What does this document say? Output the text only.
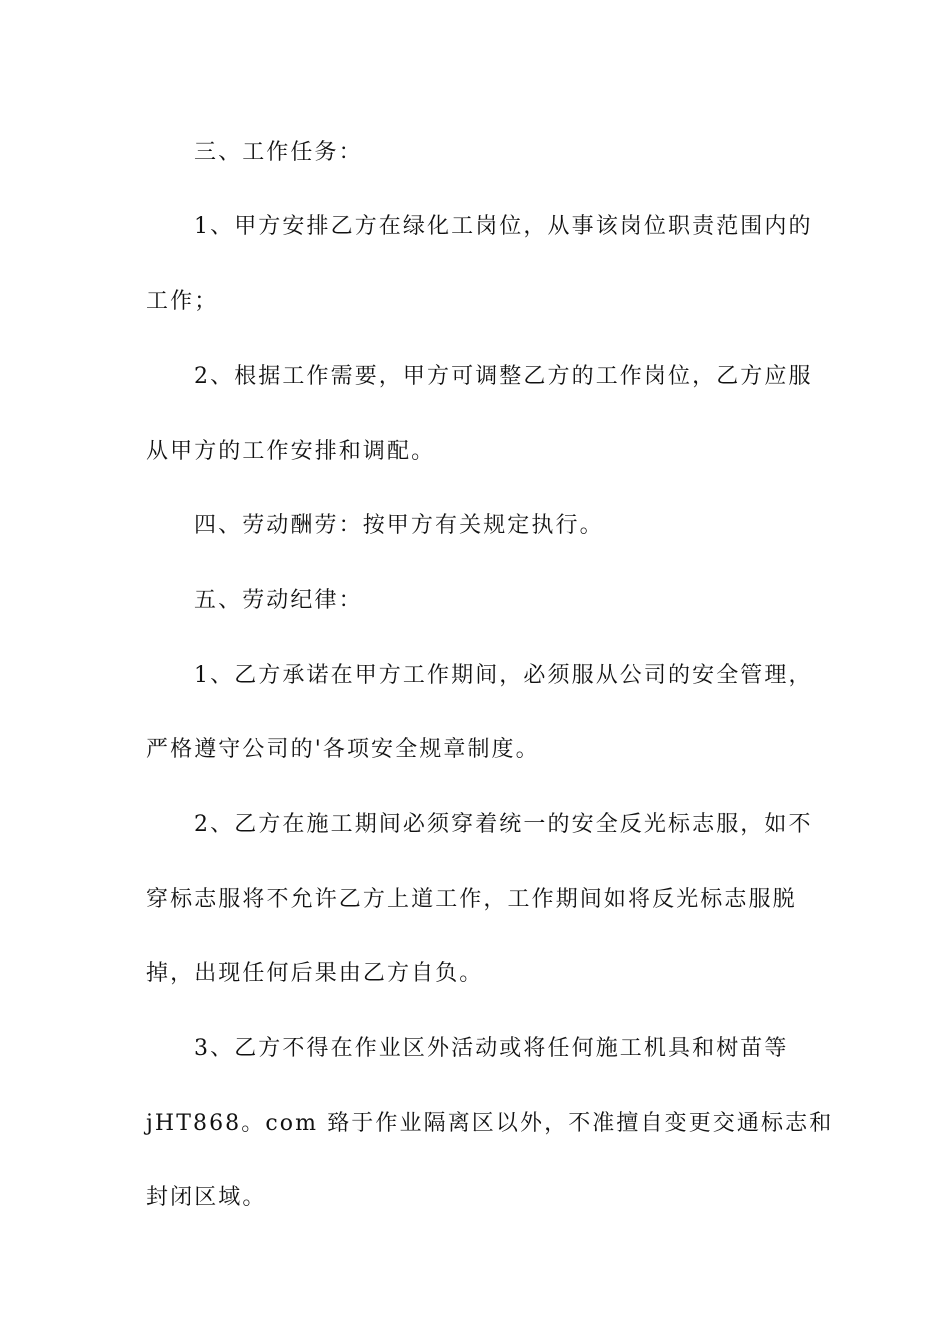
三、工作任务：
1、甲方安排乙方在绿化工岗位，从事该岗位职责范围内的
工作；
2、根据工作需要，甲方可调整乙方的工作岗位，乙方应服
从甲方的工作安排和调配。
四、劳动酬劳：按甲方有关规定执行。
五、劳动纪律：
1、乙方承诺在甲方工作期间，必须服从公司的安全管理，
严格遵守公司的'各项安全规章制度。
2、乙方在施工期间必须穿着统一的安全反光标志服，如不
穿标志服将不允许乙方上道工作，工作期间如将反光标志服脱
掉，出现任何后果由乙方自负。
3、乙方不得在作业区外活动或将任何施工机具和树苗等
jHT868。com 臵于作业隔离区以外，不准擅自变更交通标志和
封闭区域。
